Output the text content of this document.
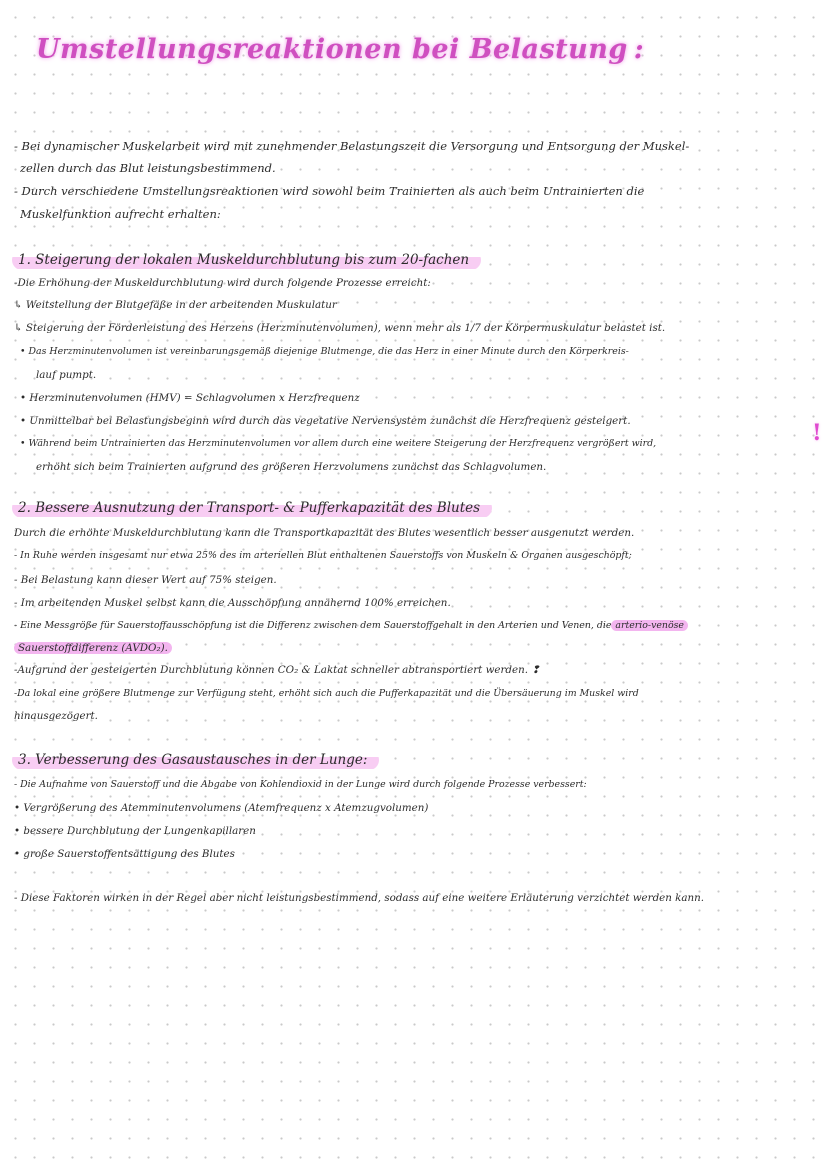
Umstellungsreaktionen bei Belastung :
- Bei dynamischer Muskelarbeit wird mit zunehmender Belastungszeit die Versorgung und Entsorgung der Muskel-
zellen durch das Blut leistungsbestimmend.
- Durch verschiedene Umstellungsreaktionen wird sowohl beim Trainierten als auch beim Untrainierten die
Muskelfunktion aufrecht erhalten:
1. Steigerung der lokalen Muskeldurchblutung bis zum 20-fachen
-Die Erhöhung der Muskeldurchblutung wird durch folgende Prozesse erreicht:
↳ Weitstellung der Blutgefäße in der arbeitenden Muskulatur
↳ Steigerung der Förderleistung des Herzens (Herzminutenvolumen), wenn mehr als 1/7 der Körpermuskulatur belastet ist.
• Das Herzminutenvolumen ist vereinbarungsgemäß diejenige Blutmenge, die das Herz in einer Minute durch den Körperkreis-
lauf pumpt.
• Herzminutenvolumen (HMV) = Schlagvolumen x Herzfrequenz
• Unmittelbar bei Belastungsbeginn wird durch das vegetative Nervensystem zunächst die Herzfrequenz gesteigert.
• Während beim Untrainierten das Herzminutenvolumen vor allem durch eine weitere Steigerung der Herzfrequenz vergrößert wird,
erhöht sich beim Trainierten aufgrund des größeren Herzvolumens zunächst das Schlagvolumen.
!
2. Bessere Ausnutzung der Transport- & Pufferkapazität des Blutes
Durch die erhöhte Muskeldurchblutung kann die Transportkapazität des Blutes wesentlich besser ausgenutzt werden.
- In Ruhe werden insgesamt nur etwa 25% des im arteriellen Blut enthaltenen Sauerstoffs von Muskeln & Organen ausgeschöpft;
- Bei Belastung kann dieser Wert auf 75% steigen.
- Im arbeitenden Muskel selbst kann die Ausschöpfung annähernd 100% erreichen.
- Eine Messgröße für Sauerstoffausschöpfung ist die Differenz zwischen dem Sauerstoffgehalt in den Arterien und Venen, die arterio-venöse
Sauerstoffdifferenz (AVDO₂).
-Aufgrund der gesteigerten Durchblutung können CO₂ & Laktat schneller abtransportiert werden. ❢
-Da lokal eine größere Blutmenge zur Verfügung steht, erhöht sich auch die Pufferkapazität und die Übersäuerung im Muskel wird
hinausgezögert.
3. Verbesserung des Gasaustausches in der Lunge:
- Die Aufnahme von Sauerstoff und die Abgabe von Kohlendioxid in der Lunge wird durch folgende Prozesse verbessert:
• Vergrößerung des Atemminutenvolumens (Atemfrequenz x Atemzugvolumen)
• bessere Durchblutung der Lungenkapillaren
• große Sauerstoffentsättigung des Blutes
- Diese Faktoren wirken in der Regel aber nicht leistungsbestimmend, sodass auf eine weitere Erläuterung verzichtet werden kann.
